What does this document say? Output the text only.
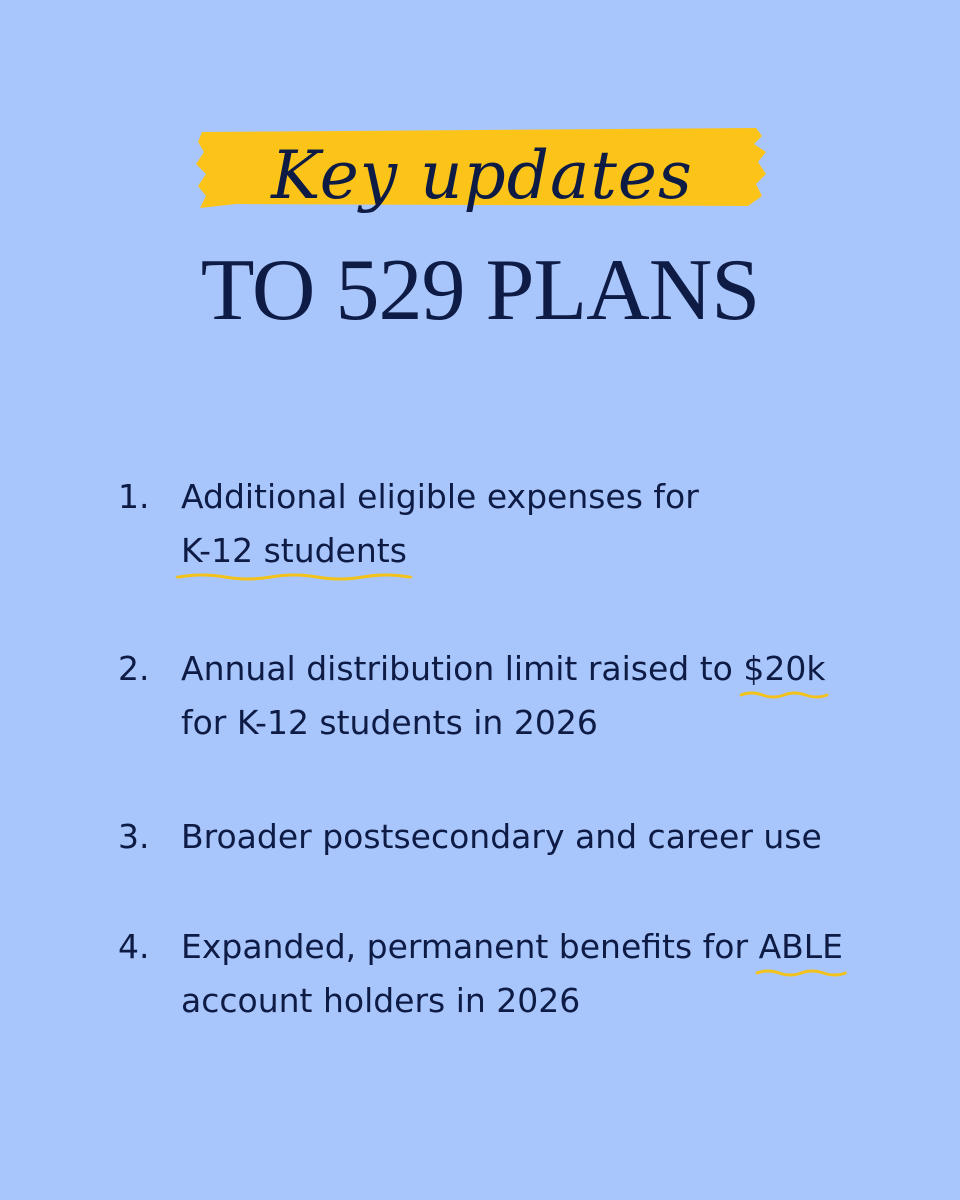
Key updates
TO 529 PLANS
1. Additional eligible expenses for
K-12 students
2. Annual distribution limit raised to $20k
for K-12 students in 2026
3. Broader postsecondary and career use
4. Expanded, permanent benefits for ABLE
account holders in 2026
